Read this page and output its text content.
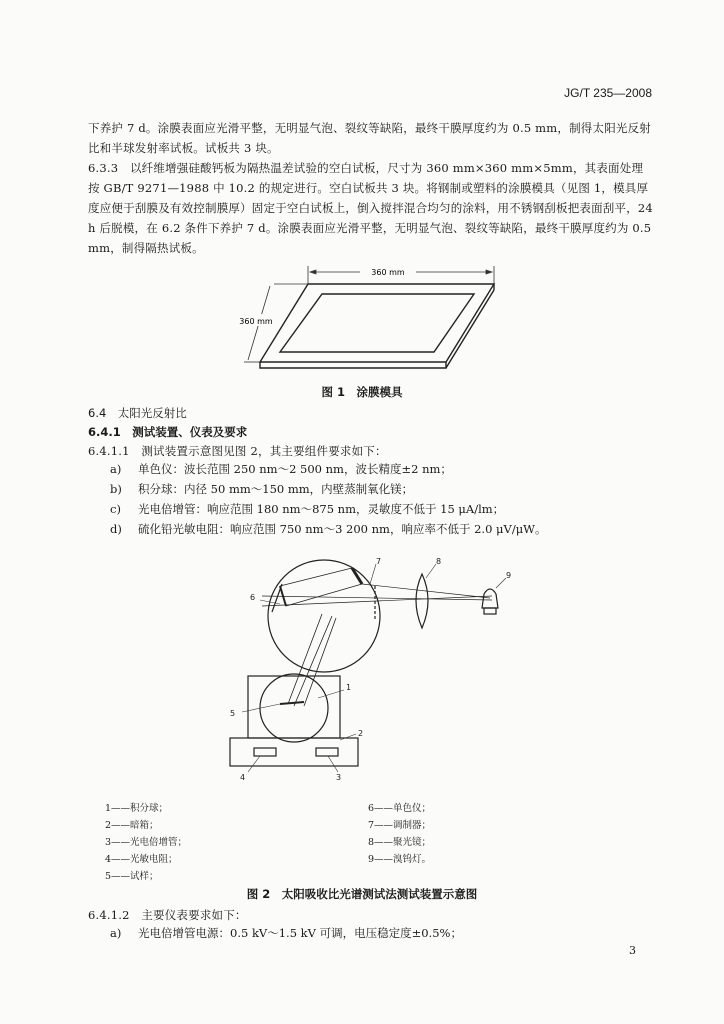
JG/T 235—2008
下养护 7 d。涂膜表面应光滑平整，无明显气泡、裂纹等缺陷，最终干膜厚度约为 0.5 mm，制得太阳光反射比和半球发射率试板。试板共 3 块。
6.3.3　以纤维增强硅酸钙板为隔热温差试验的空白试板，尺寸为 360 mm×360 mm×5mm，其表面处理按 GB/T 9271—1988 中 10.2 的规定进行。空白试板共 3 块。将钢制或塑料的涂膜模具（见图 1，模具厚度应便于刮膜及有效控制膜厚）固定于空白试板上，倒入搅拌混合均匀的涂料，用不锈钢刮板把表面刮平，24 h 后脱模，在 6.2 条件下养护 7 d。涂膜表面应光滑平整，无明显气泡、裂纹等缺陷，最终干膜厚度约为 0.5 mm，制得隔热试板。
360 mm
360 mm
图 1　涂膜模具
6.4　太阳光反射比
6.4.1　测试装置、仪表及要求
6.4.1.1　测试装置示意图见图 2，其主要组件要求如下：
a) 单色仪：波长范围 250 nm～2 500 nm，波长精度±2 nm；
b) 积分球：内径 50 mm～150 mm，内壁蒸制氧化镁；
c) 光电倍增管：响应范围 180 nm～875 nm，灵敏度不低于 15 μA/lm；
d) 硫化铅光敏电阻：响应范围 750 nm～3 200 nm，响应率不低于 2.0 μV/μW。
7	8
9
6
1
2
5
4	3
1——积分球；
2——暗箱；
3——光电倍增管；
4——光敏电阻；
5——试样；
6——单色仪；
7——调制器；
8——聚光镜；
9——溴钨灯。
图 2　太阳吸收比光谱测试法测试装置示意图
6.4.1.2　主要仪表要求如下：
a) 光电倍增管电源：0.5 kV～1.5 kV 可调，电压稳定度±0.5%；
3
